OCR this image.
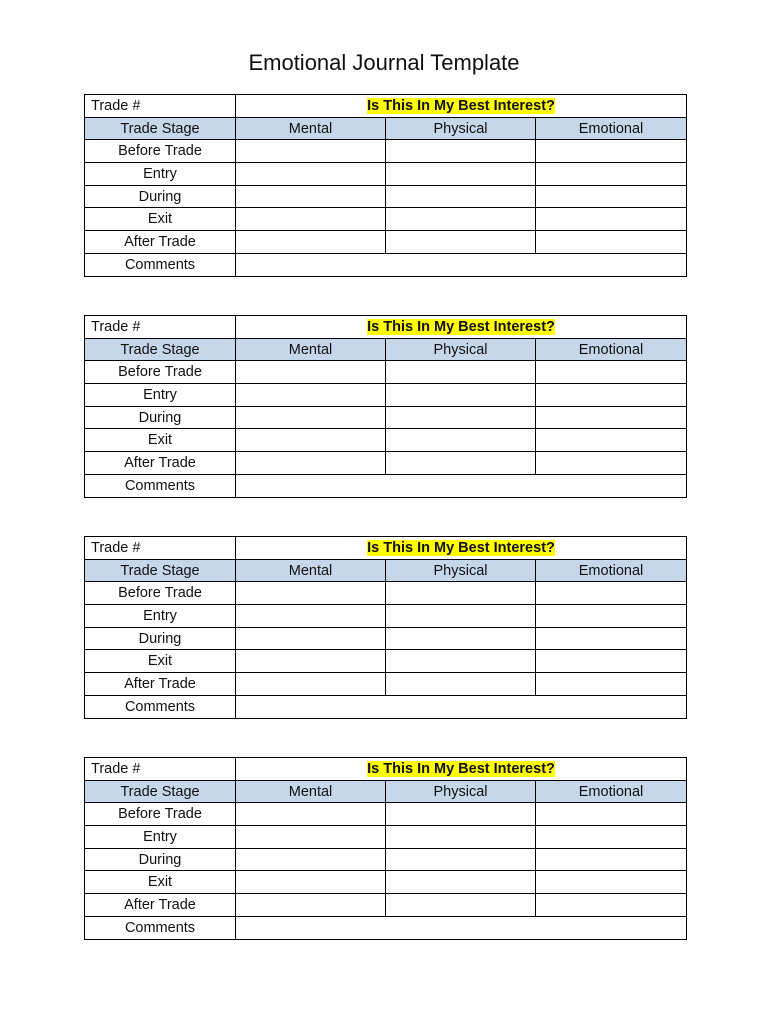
Emotional Journal Template
Trade #	Is This In My Best Interest?		
Trade Stage	Mental	Physical	Emotional
Before Trade			
Entry			
During			
Exit			
After Trade			
Comments			
Trade #	Is This In My Best Interest?		
Trade Stage	Mental	Physical	Emotional
Before Trade			
Entry			
During			
Exit			
After Trade			
Comments			
Trade #	Is This In My Best Interest?		
Trade Stage	Mental	Physical	Emotional
Before Trade			
Entry			
During			
Exit			
After Trade			
Comments			
Trade #	Is This In My Best Interest?		
Trade Stage	Mental	Physical	Emotional
Before Trade			
Entry			
During			
Exit			
After Trade			
Comments			
